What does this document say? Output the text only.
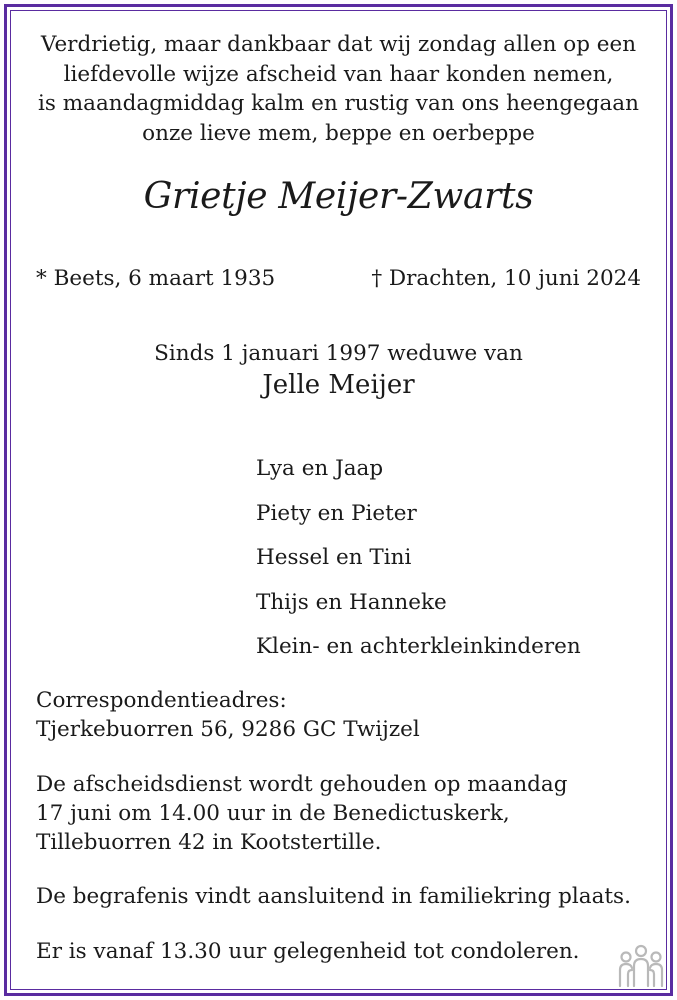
Verdrietig, maar dankbaar dat wij zondag allen op een
liefdevolle wijze afscheid van haar konden nemen,
is maandagmiddag kalm en rustig van ons heengegaan
onze lieve mem, beppe en oerbeppe
Grietje Meijer-Zwarts
* Beets, 6 maart 1935	† Drachten, 10 juni 2024
Sinds 1 januari 1997 weduwe van
Jelle Meijer
Lya en Jaap
Piety en Pieter
Hessel en Tini
Thijs en Hanneke
Klein- en achterkleinkinderen
Correspondentieadres:
Tjerkebuorren 56, 9286 GC Twijzel
De afscheidsdienst wordt gehouden op maandag
17 juni om 14.00 uur in de Benedictuskerk,
Tillebuorren 42 in Kootstertille.
De begrafenis vindt aansluitend in familiekring plaats.
Er is vanaf 13.30 uur gelegenheid tot condoleren.
